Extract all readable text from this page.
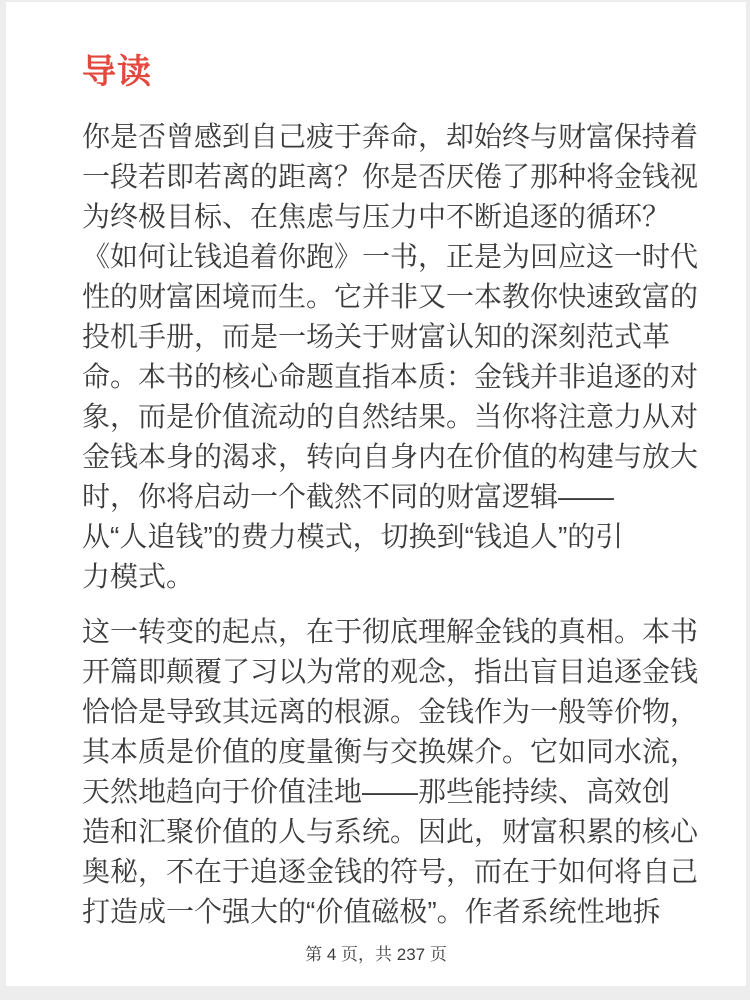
导读
你是否曾感到自己疲于奔命，却始终与财富保持着
一段若即若离的距离？你是否厌倦了那种将金钱视
为终极目标、在焦虑与压力中不断追逐的循环？
《如何让钱追着你跑》一书，正是为回应这一时代
性的财富困境而生。它并非又一本教你快速致富的
投机手册，而是一场关于财富认知的深刻范式革
命。本书的核心命题直指本质：金钱并非追逐的对
象，而是价值流动的自然结果。当你将注意力从对
金钱本身的渴求，转向自身内在价值的构建与放大
时，你将启动一个截然不同的财富逻辑——
从“人追钱”的费力模式，切换到“钱追人”的引
力模式。
这一转变的起点，在于彻底理解金钱的真相。本书
开篇即颠覆了习以为常的观念，指出盲目追逐金钱
恰恰是导致其远离的根源。金钱作为一般等价物，
其本质是价值的度量衡与交换媒介。它如同水流，
天然地趋向于价值洼地——那些能持续、高效创
造和汇聚价值的人与系统。因此，财富积累的核心
奥秘，不在于追逐金钱的符号，而在于如何将自己
打造成一个强大的“价值磁极”。作者系统性地拆
第 4 页，共 237 页
